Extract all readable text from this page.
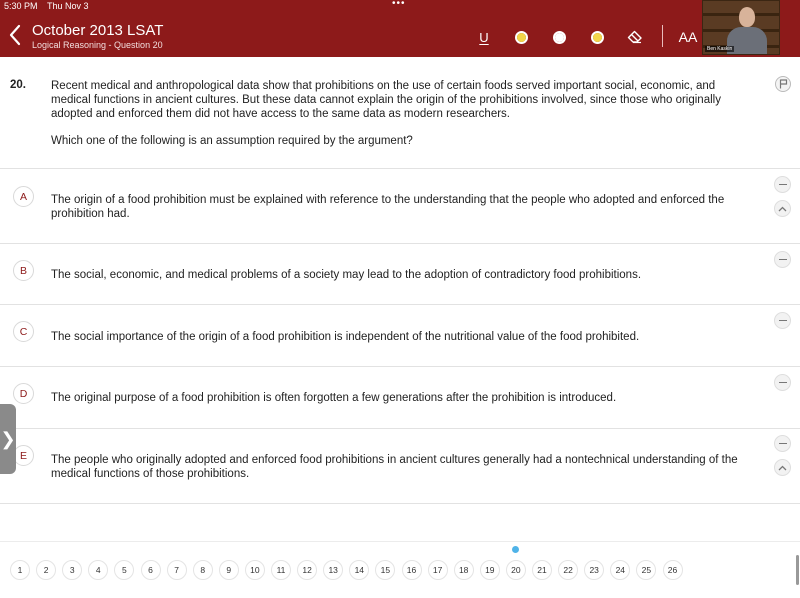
5:30 PM Thu Nov 3	•••
October 2013 LSAT
Logical Reasoning - Question 20
U	AA
Ben Kaskin
20. Recent medical and anthropological data show that prohibitions on the use of certain foods served important social, economic, and medical functions in ancient cultures. But these data cannot explain the origin of the prohibitions involved, since those who originally adopted and enforced them did not have access to the same data as modern researchers.
Which one of the following is an assumption required by the argument?
A	The origin of a food prohibition must be explained with reference to the understanding that the people who adopted and enforced the prohibition had.
B	The social, economic, and medical problems of a society may lead to the adoption of contradictory food prohibitions.
C	The social importance of the origin of a food prohibition is independent of the nutritional value of the food prohibited.
D	The original purpose of a food prohibition is often forgotten a few generations after the prohibition is introduced.
E	The people who originally adopted and enforced food prohibitions in ancient cultures generally had a nontechnical understanding of the medical functions of those prohibitions.
❯
1	2	3	4	5	6	7	8	9	10	11	12	13	14	15	16	17	18	19	20	21	22	23	24	25	26
